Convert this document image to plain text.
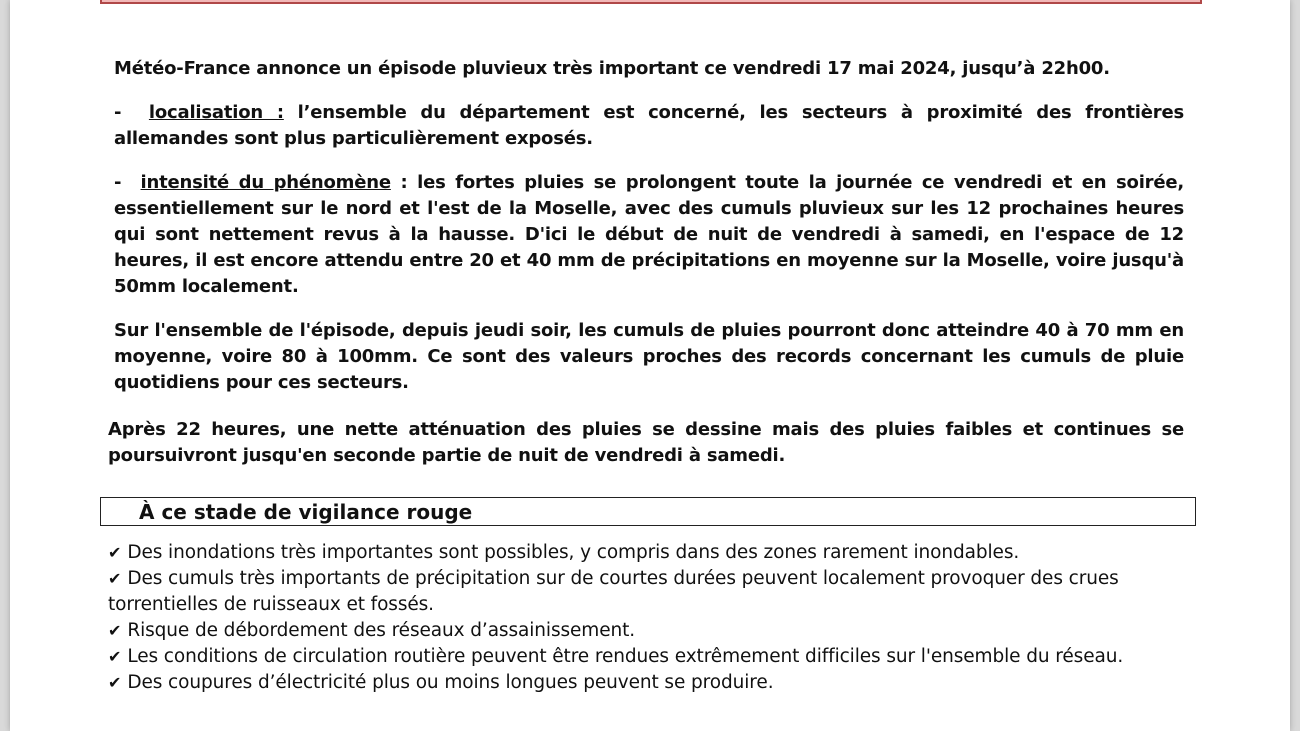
Météo-France annonce un épisode pluvieux très important ce vendredi 17 mai 2024, jusqu’à 22h00.

- localisation : l’ensemble du département est concerné, les secteurs à proximité des frontières allemandes sont plus particulièrement exposés.

- intensité du phénomène : les fortes pluies se prolongent toute la journée ce vendredi et en soirée, essentiellement sur le nord et l'est de la Moselle, avec des cumuls pluvieux sur les 12 prochaines heures qui sont nettement revus à la hausse. D'ici le début de nuit de vendredi à samedi, en l'espace de 12 heures, il est encore attendu entre 20 et 40 mm de précipitations en moyenne sur la Moselle, voire jusqu'à 50mm localement.

Sur l'ensemble de l'épisode, depuis jeudi soir, les cumuls de pluies pourront donc atteindre 40 à 70 mm en moyenne, voire 80 à 100mm. Ce sont des valeurs proches des records concernant les cumuls de pluie quotidiens pour ces secteurs.

Après 22 heures, une nette atténuation des pluies se dessine mais des pluies faibles et continues se poursuivront jusqu'en seconde partie de nuit de vendredi à samedi.

À ce stade de vigilance rouge

✔ Des inondations très importantes sont possibles, y compris dans des zones rarement inondables.
✔ Des cumuls très importants de précipitation sur de courtes durées peuvent localement provoquer des crues torrentielles de ruisseaux et fossés.
✔ Risque de débordement des réseaux d’assainissement.
✔ Les conditions de circulation routière peuvent être rendues extrêmement difficiles sur l'ensemble du réseau.
✔ Des coupures d’électricité plus ou moins longues peuvent se produire.
